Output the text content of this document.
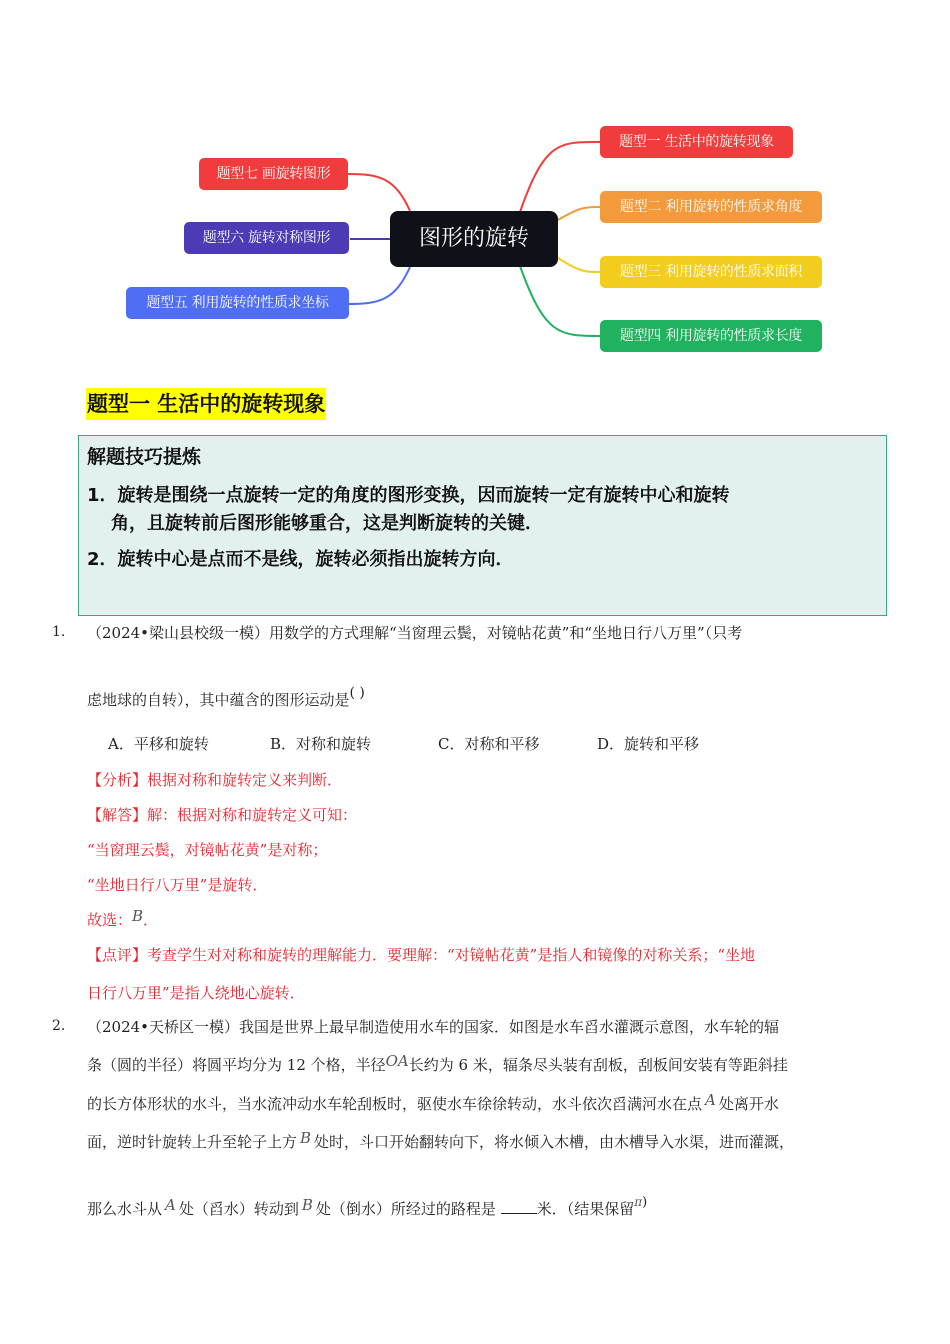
图形的旋转
题型一 生活中的旋转现象
题型二 利用旋转的性质求角度
题型三 利用旋转的性质求面积
题型四 利用旋转的性质求长度
题型七 画旋转图形
题型六 旋转对称图形
题型五 利用旋转的性质求坐标
题型一 生活中的旋转现象
解题技巧提炼
1．旋转是围绕一点旋转一定的角度的图形变换，因而旋转一定有旋转中心和旋转
角，且旋转前后图形能够重合，这是判断旋转的关键．
2．旋转中心是点而不是线，旋转必须指出旋转方向．
1. （2024•梁山县校级一模）用数学的方式理解“当窗理云鬓，对镜帖花黄”和“坐地日行八万里”（只考
虑地球的自转），其中蕴含的图形运动是( )
A．平移和旋转	B．对称和旋转	C．对称和平移	D．旋转和平移
【分析】根据对称和旋转定义来判断．
【解答】解：根据对称和旋转定义可知：
“当窗理云鬓，对镜帖花黄”是对称；
“坐地日行八万里”是旋转．
故选：B．
【点评】考查学生对对称和旋转的理解能力．要理解：“对镜帖花黄”是指人和镜像的对称关系；“坐地
日行八万里”是指人绕地心旋转．
2. （2024•天桥区一模）我国是世界上最早制造使用水车的国家．如图是水车舀水灌溉示意图，水车轮的辐
条（圆的半径）将圆平均分为 12 个格，半径OA长约为 6 米，辐条尽头装有刮板，刮板间安装有等距斜挂
的长方体形状的水斗，当水流冲动水车轮刮板时，驱使水车徐徐转动，水斗依次舀满河水在点 A 处离开水
面，逆时针旋转上升至轮子上方 B 处时，斗口开始翻转向下，将水倾入木槽，由木槽导入水渠，进而灌溉，
那么水斗从 A 处（舀水）转动到 B 处（倒水）所经过的路程是	米．（结果保留$^\pi$)
